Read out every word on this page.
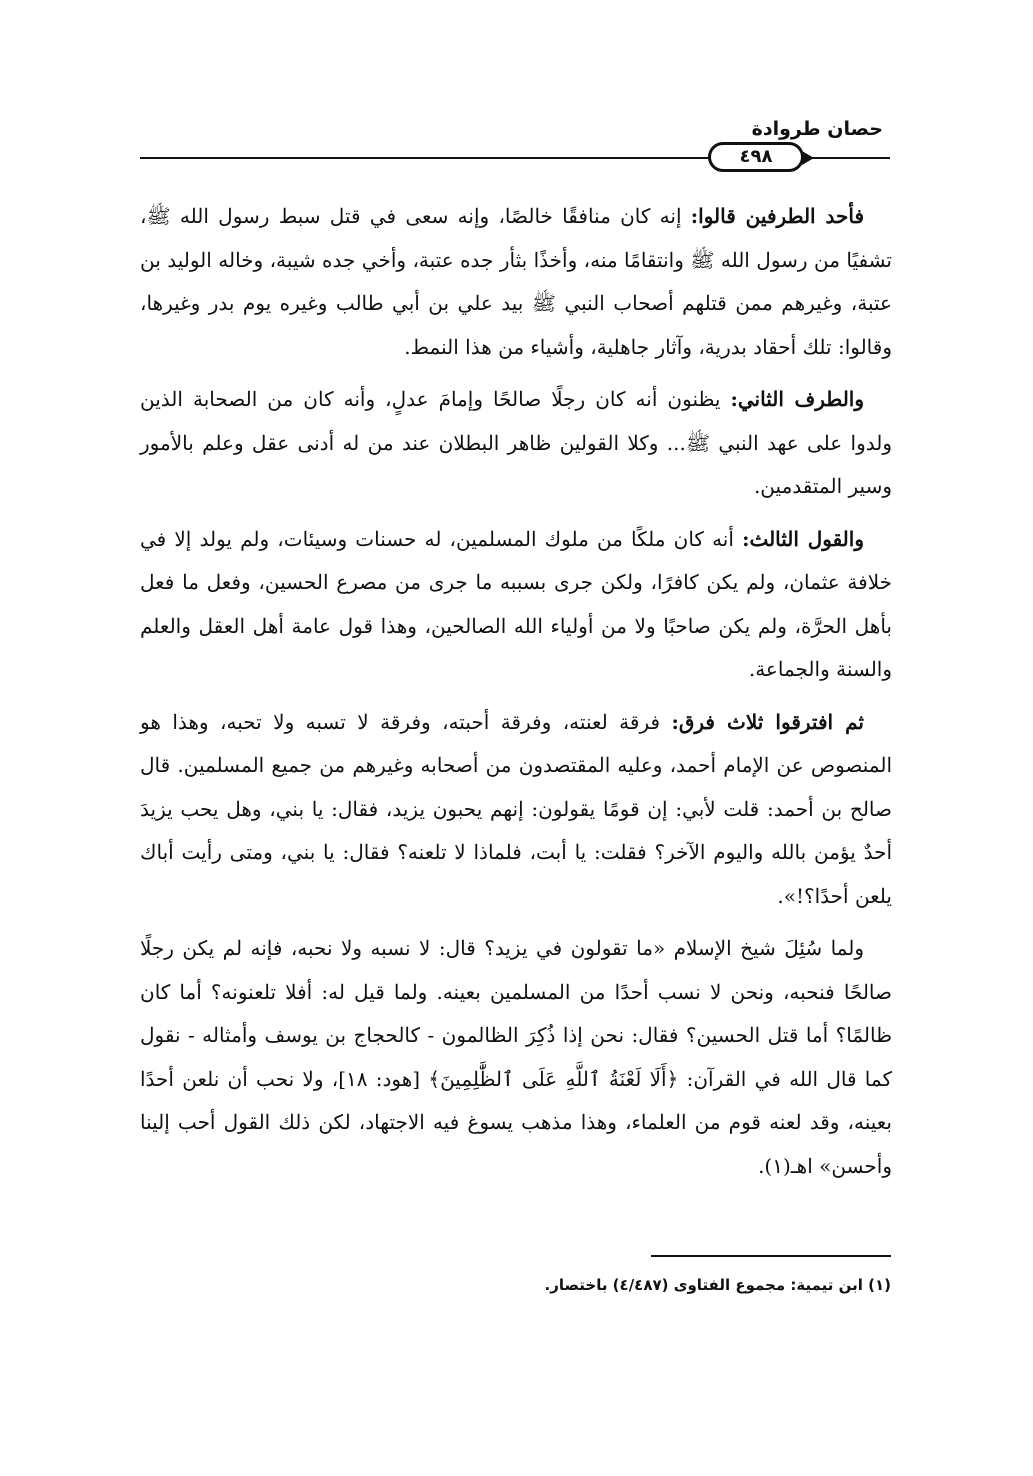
حصان طروادة
٤٩٨

فأحد الطرفين قالوا: إنه كان منافقًا خالصًا، وإنه سعى في قتل سبط رسول الله ﷺ، تشفيًا من رسول الله ﷺ وانتقامًا منه، وأخذًا بثأر جده عتبة، وأخي جده شيبة، وخاله الوليد بن عتبة، وغيرهم ممن قتلهم أصحاب النبي ﷺ بيد علي بن أبي طالب وغيره يوم بدر وغيرها، وقالوا: تلك أحقاد بدرية، وآثار جاهلية، وأشياء من هذا النمط.

والطرف الثاني: يظنون أنه كان رجلًا صالحًا وإمامَ عدلٍ، وأنه كان من الصحابة الذين ولدوا على عهد النبي ﷺ... وكلا القولين ظاهر البطلان عند من له أدنى عقل وعلم بالأمور وسير المتقدمين.

والقول الثالث: أنه كان ملكًا من ملوك المسلمين، له حسنات وسيئات، ولم يولد إلا في خلافة عثمان، ولم يكن كافرًا، ولكن جرى بسببه ما جرى من مصرع الحسين، وفعل ما فعل بأهل الحرَّة، ولم يكن صاحبًا ولا من أولياء الله الصالحين، وهذا قول عامة أهل العقل والعلم والسنة والجماعة.

ثم افترقوا ثلاث فرق: فرقة لعنته، وفرقة أحبته، وفرقة لا تسبه ولا تحبه، وهذا هو المنصوص عن الإمام أحمد، وعليه المقتصدون من أصحابه وغيرهم من جميع المسلمين. قال صالح بن أحمد: قلت لأبي: إن قومًا يقولون: إنهم يحبون يزيد، فقال: يا بني، وهل يحب يزيدَ أحدٌ يؤمن بالله واليوم الآخر؟ فقلت: يا أبت، فلماذا لا تلعنه؟ فقال: يا بني، ومتى رأيت أباك يلعن أحدًا؟!».

ولما سُئِلَ شيخ الإسلام «ما تقولون في يزيد؟ قال: لا نسبه ولا نحبه، فإنه لم يكن رجلًا صالحًا فنحبه، ونحن لا نسب أحدًا من المسلمين بعينه. ولما قيل له: أفلا تلعنونه؟ أما كان ظالمًا؟ أما قتل الحسين؟ فقال: نحن إذا ذُكِرَ الظالمون - كالحجاج بن يوسف وأمثاله - نقول كما قال الله في القرآن: ﴿أَلَا لَعْنَةُ ٱللَّهِ عَلَى ٱلظَّٰلِمِينَ﴾ [هود: ١٨]، ولا نحب أن نلعن أحدًا بعينه، وقد لعنه قوم من العلماء، وهذا مذهب يسوغ فيه الاجتهاد، لكن ذلك القول أحب إلينا وأحسن» اهـ(١).

(١) ابن تيمية: مجموع الفتاوى (٤/٤٨٧) باختصار.
